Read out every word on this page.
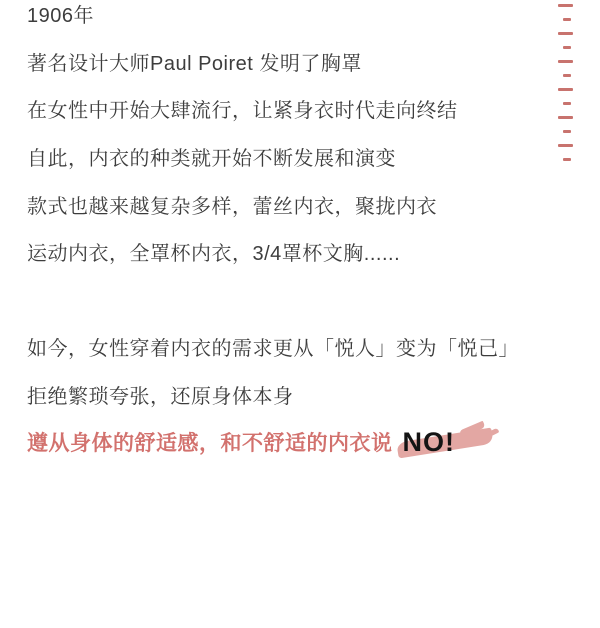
1906年
著名设计大师Paul Poiret 发明了胸罩
在女性中开始大肆流行，让紧身衣时代走向终结
自此，内衣的种类就开始不断发展和演变
款式也越来越复杂多样，蕾丝内衣，聚拢内衣
运动内衣，全罩杯内衣，3/4罩杯文胸......
如今，女性穿着内衣的需求更从「悦人」变为「悦己」
拒绝繁琐夸张，还原身体本身
遵从身体的舒适感，和不舒适的内衣说 NO!
